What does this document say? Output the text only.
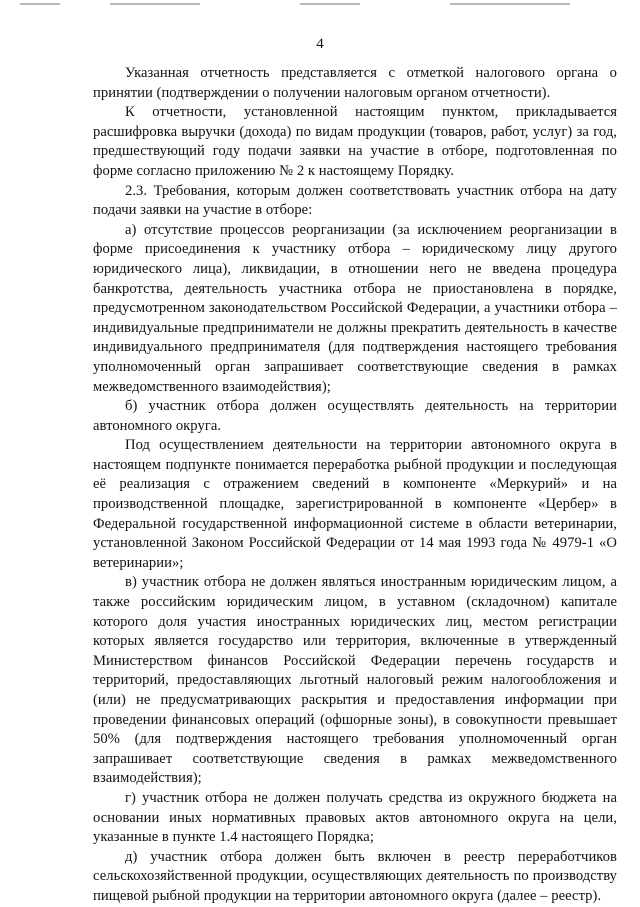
4

Указанная отчетность представляется с отметкой налогового органа о принятии (подтверждении о получении налоговым органом отчетности).

К отчетности, установленной настоящим пунктом, прикладывается расшифровка выручки (дохода) по видам продукции (товаров, работ, услуг) за год, предшествующий году подачи заявки на участие в отборе, подготовленная по форме согласно приложению № 2 к настоящему Порядку.

2.3. Требования, которым должен соответствовать участник отбора на дату подачи заявки на участие в отборе:

а) отсутствие процессов реорганизации (за исключением реорганизации в форме присоединения к участнику отбора – юридическому лицу другого юридического лица), ликвидации, в отношении него не введена процедура банкротства, деятельность участника отбора не приостановлена в порядке, предусмотренном законодательством Российской Федерации, а участники отбора – индивидуальные предприниматели не должны прекратить деятельность в качестве индивидуального предпринимателя (для подтверждения настоящего требования уполномоченный орган запрашивает соответствующие сведения в рамках межведомственного взаимодействия);

б) участник отбора должен осуществлять деятельность на территории автономного округа.

Под осуществлением деятельности на территории автономного округа в настоящем подпункте понимается переработка рыбной продукции и последующая её реализация с отражением сведений в компоненте «Меркурий» и на производственной площадке, зарегистрированной в компоненте «Цербер» в Федеральной государственной информационной системе в области ветеринарии, установленной Законом Российской Федерации от 14 мая 1993 года № 4979-1 «О ветеринарии»;

в) участник отбора не должен являться иностранным юридическим лицом, а также российским юридическим лицом, в уставном (складочном) капитале которого доля участия иностранных юридических лиц, местом регистрации которых является государство или территория, включенные в утвержденный Министерством финансов Российской Федерации перечень государств и территорий, предоставляющих льготный налоговый режим налогообложения и (или) не предусматривающих раскрытия и предоставления информации при проведении финансовых операций (офшорные зоны), в совокупности превышает 50% (для подтверждения настоящего требования уполномоченный орган запрашивает соответствующие сведения в рамках межведомственного взаимодействия);

г) участник отбора не должен получать средства из окружного бюджета на основании иных нормативных правовых актов автономного округа на цели, указанные в пункте 1.4 настоящего Порядка;

д) участник отбора должен быть включен в реестр переработчиков сельскохозяйственной продукции, осуществляющих деятельность по производству пищевой рыбной продукции на территории автономного округа (далее – реестр).
